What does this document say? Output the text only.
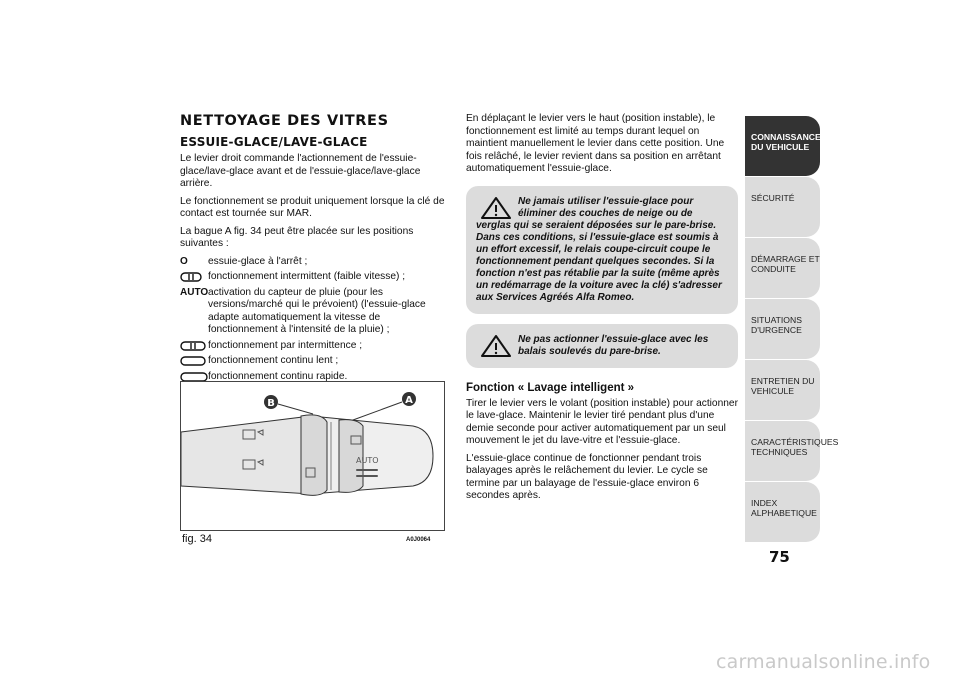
NETTOYAGE DES VITRES
ESSUIE-GLACE/LAVE-GLACE
Le levier droit commande l'actionnement de l'essuie-glace/lave-glace avant et de l'essuie-glace/lave-glace arrière.
Le fonctionnement se produit uniquement lorsque la clé de contact est tournée sur MAR.
La bague A fig. 34 peut être placée sur les positions suivantes :
O	essuie-glace à l'arrêt ;
fonctionnement intermittent (faible vitesse) ;
AUTO activation du capteur de pluie (pour les versions/marché qui le prévoient) (l'essuie-glace adapte automatiquement la vitesse de fonctionnement à l'intensité de la pluie) ;
fonctionnement par intermittence ;
fonctionnement continu lent ;
fonctionnement continu rapide.
AUTO
B	A
fig. 34	A0J0064
En déplaçant le levier vers le haut (position instable), le fonctionnement est limité au temps durant lequel on maintient manuellement le levier dans cette position. Une fois relâché, le levier revient dans sa position en arrêtant automatiquement l'essuie-glace.
Ne jamais utiliser l'essuie-glace pour éliminer des couches de neige ou de verglas qui se seraient déposées sur le pare-brise. Dans ces conditions, si l'essuie-glace est soumis à un effort excessif, le relais coupe-circuit coupe le fonctionnement pendant quelques secondes. Si la fonction n'est pas rétablie par la suite (même après un redémarrage de la voiture avec la clé) s'adresser aux Services Agréés Alfa Romeo.
Ne pas actionner l'essuie-glace avec les balais soulevés du pare-brise.
Fonction « Lavage intelligent »
Tirer le levier vers le volant (position instable) pour actionner le lave-glace. Maintenir le levier tiré pendant plus d'une demie seconde pour activer automatiquement par un seul mouvement le jet du lave-vitre et l'essuie-glace.
L'essuie-glace continue de fonctionner pendant trois balayages après le relâchement du levier. Le cycle se termine par un balayage de l'essuie-glace environ 6 secondes après.
CONNAISSANCE DU VEHICULE
SÉCURITÉ
DÉMARRAGE ET CONDUITE
SITUATIONS D'URGENCE
ENTRETIEN DU VEHICULE
CARACTÉRISTIQUES TECHNIQUES
INDEX ALPHABETIQUE
75
carmanualsonline.info
